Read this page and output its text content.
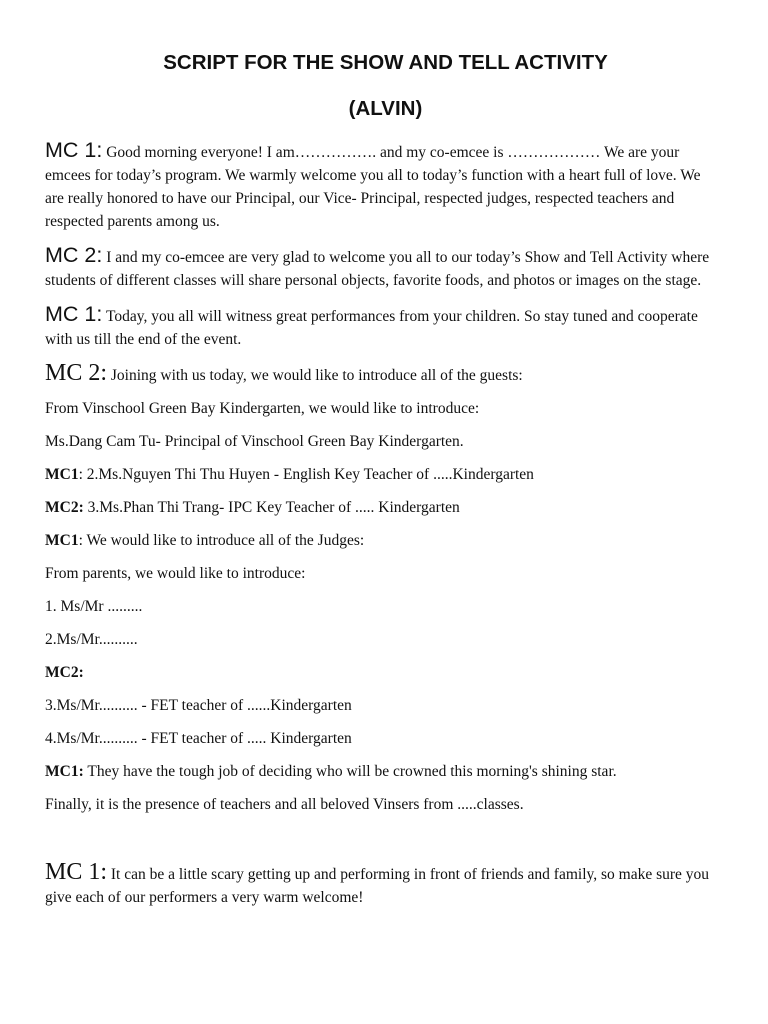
SCRIPT FOR THE SHOW AND TELL ACTIVITY
(ALVIN)

MC 1: Good morning everyone! I am……………. and my co-emcee is ……………… We are your emcees for today’s program. We warmly welcome you all to today’s function with a heart full of love. We are really honored to have our Principal, our Vice- Principal, respected judges, respected teachers and respected parents among us.

MC 2: I and my co-emcee are very glad to welcome you all to our today’s Show and Tell Activity where students of different classes will share personal objects, favorite foods, and photos or images on the stage.

MC 1: Today, you all will witness great performances from your children. So stay tuned and cooperate with us till the end of the event.

MC 2: Joining with us today, we would like to introduce all of the guests:

From Vinschool Green Bay Kindergarten, we would like to introduce:

Ms.Dang Cam Tu- Principal of Vinschool Green Bay Kindergarten.

MC1: 2.Ms.Nguyen Thi Thu Huyen - English Key Teacher of .....Kindergarten

MC2: 3.Ms.Phan Thi Trang- IPC Key Teacher of ..... Kindergarten

MC1: We would like to introduce all of the Judges:

From parents, we would like to introduce:

1. Ms/Mr .........

2.Ms/Mr..........

MC2:

3.Ms/Mr.......... - FET teacher of ......Kindergarten

4.Ms/Mr.......... - FET teacher of ..... Kindergarten

MC1: They have the tough job of deciding who will be crowned this morning's shining star.

Finally, it is the presence of teachers and all beloved Vinsers from .....classes.

MC 1: It can be a little scary getting up and performing in front of friends and family, so make sure you give each of our performers a very warm welcome!
